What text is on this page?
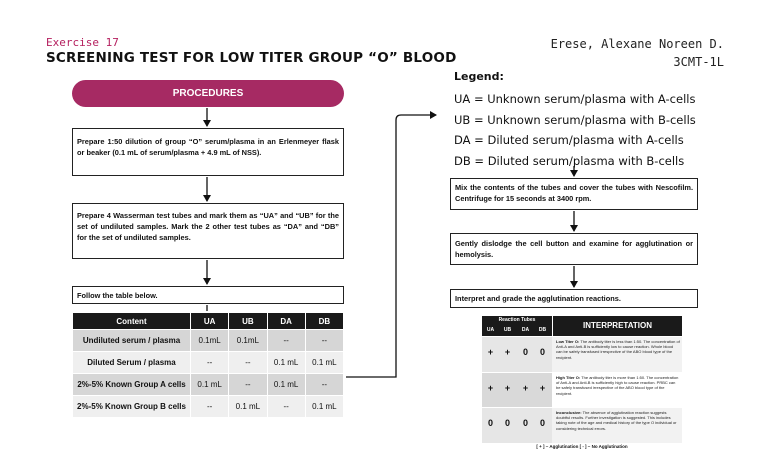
Exercise 17
SCREENING TEST FOR LOW TITER GROUP “O” BLOOD
Erese, Alexane Noreen D.
3CMT-1L
PROCEDURES
Prepare 1:50 dilution of group “O” serum/plasma in an Erlenmeyer flask or beaker (0.1 mL of serum/plasma + 4.9 mL of NSS).
Prepare 4 Wasserman test tubes and mark them as “UA” and “UB” for the set of undiluted samples. Mark the 2 other test tubes as “DA” and “DB” for the set of undiluted samples.
Follow the table below.
Legend:
UA = Unknown serum/plasma with A-cells
UB = Unknown serum/plasma with B-cells
DA = Diluted serum/plasma with A-cells
DB = Diluted serum/plasma with B-cells
Mix the contents of the tubes and cover the tubes with Nescofilm. Centrifuge for 15 seconds at 3400 rpm.
Gently dislodge the cell button and examine for agglutination or hemolysis.
Interpret and grade the agglutination reactions.
Content	UA	UB	DA	DB
Undiluted serum / plasma	0.1mL	0.1mL	--	--
Diluted Serum / plasma	--	--	0.1 mL	0.1 mL
2%-5% Known Group A cells	0.1 mL	--	0.1 mL	--
2%-5% Known Group B cells	--	0.1 mL	--	0.1 mL
Reaction Tubes
UA	UB	DA	DB	INTERPRETATION
+	+	0	0
Low Titer O: The antibody titer is less than 1:50. The concentration of Anti-A and Anti-B is sufficiently low to cause reaction. Whole blood can be safely transfused irrespective of the ABO blood type of the recipient.
+	+	+	+
High Titer O: The antibody titer is more than 1:50. The concentration of Anti-A and Anti-B is sufficiently high to cause reaction. PRBC can be safely transfused irrespective of the ABO blood type of the recipient.
0	0	0	0
Inconclusive: The absence of agglutination reaction suggests doubtful results. Further investigation is suggested. This includes taking note of the age and medical history of the type O individual or considering technical errors.
[ + ] – Agglutination [ - ] – No Agglutination
